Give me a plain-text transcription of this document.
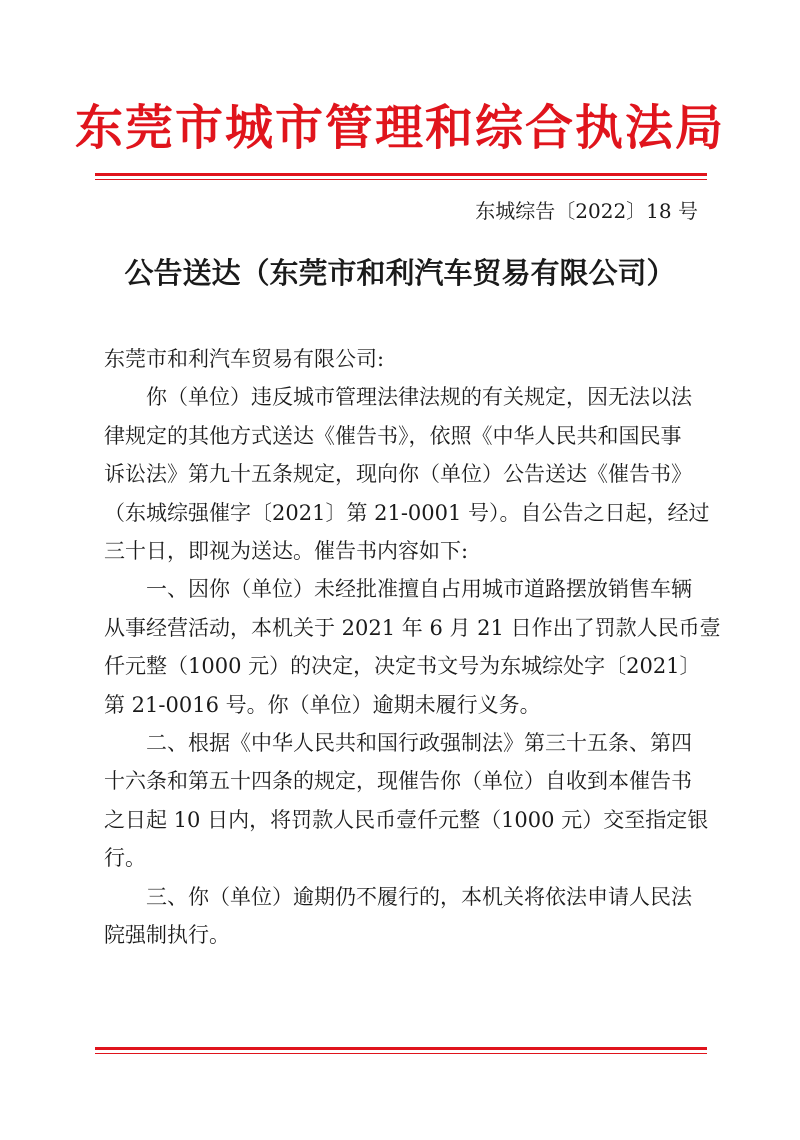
东莞市城市管理和综合执法局
东城综告〔2022〕18 号
公告送达（东莞市和利汽车贸易有限公司）

东莞市和利汽车贸易有限公司:

你（单位）违反城市管理法律法规的有关规定，因无法以法
律规定的其他方式送达《催告书》，依照《中华人民共和国民事
诉讼法》第九十五条规定，现向你（单位）公告送达《催告书》
（东城综强催字〔2021〕第 21-0001 号）。自公告之日起，经过
三十日，即视为送达。催告书内容如下:

一、因你（单位）未经批准擅自占用城市道路摆放销售车辆
从事经营活动，本机关于 2021 年 6 月 21 日作出了罚款人民币壹
仟元整（1000 元）的决定，决定书文号为东城综处字〔2021〕
第 21-0016 号。你（单位）逾期未履行义务。

二、根据《中华人民共和国行政强制法》第三十五条、第四
十六条和第五十四条的规定，现催告你（单位）自收到本催告书
之日起 10 日内，将罚款人民币壹仟元整（1000 元）交至指定银
行。

三、你（单位）逾期仍不履行的，本机关将依法申请人民法
院强制执行。
